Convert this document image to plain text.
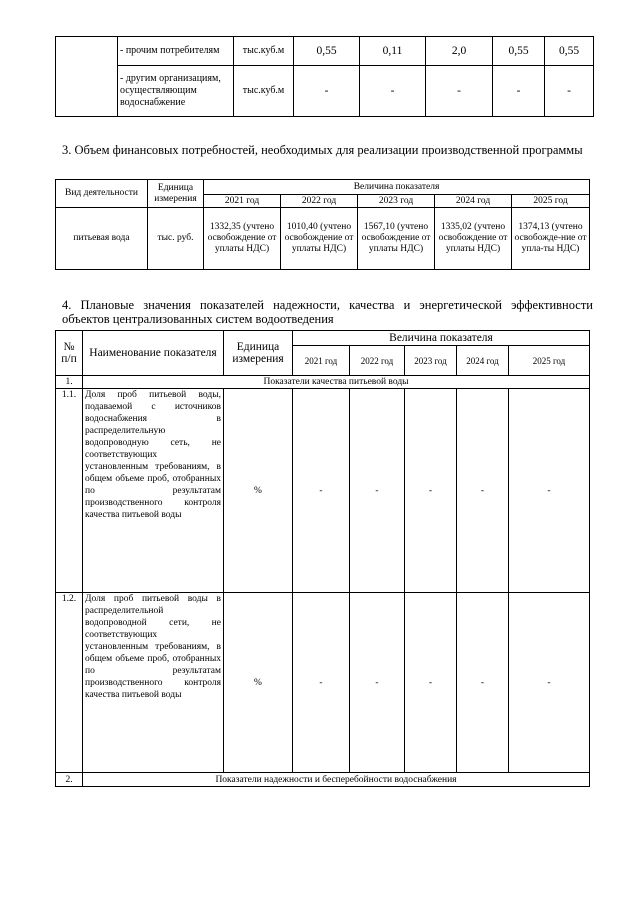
	- прочим потребителям	тыс.куб.м	0,55	0,11	2,0	0,55	0,55
	- другим организациям, осуществляющим водоснабжение	тыс.куб.м	-	-	-	-	-

3. Объем финансовых потребностей, необходимых для реализации производственной программы

Вид деятельности	Единица измерения	Величина показателя				
		2021 год	2022 год	2023 год	2024 год	2025 год
питьевая вода	тыс. руб.	1332,35 (учтено освобождение от уплаты НДС)	1010,40 (учтено освобождение от уплаты НДС)	1567,10 (учтено освобождение от уплаты НДС)	1335,02 (учтено освобождение от уплаты НДС)	1374,13 (учтено освобожде-ние от упла-ты НДС)

4. Плановые значения показателей надежности, качества и энергетической эффективности объектов централизованных систем водоотведения

№ п/п	Наименование показателя	Единица измерения	Величина показателя				
			2021 год	2022 год	2023 год	2024 год	2025 год
1.	Показатели качества питьевой воды						
1.1.	Доля проб питьевой воды, подаваемой с источников водоснабжения в распределительную водопроводную сеть, не соответствующих установленным требованиям, в общем объеме проб, отобранных по результатам производственного контроля качества питьевой воды	%	-	-	-	-	-
1.2.	Доля проб питьевой воды в распределительной водопроводной сети, не соответствующих установленным требованиям, в общем объеме проб, отобранных по результатам производственного контроля качества питьевой воды	%	-	-	-	-	-
2.	Показатели надежности и бесперебойности водоснабжения						
